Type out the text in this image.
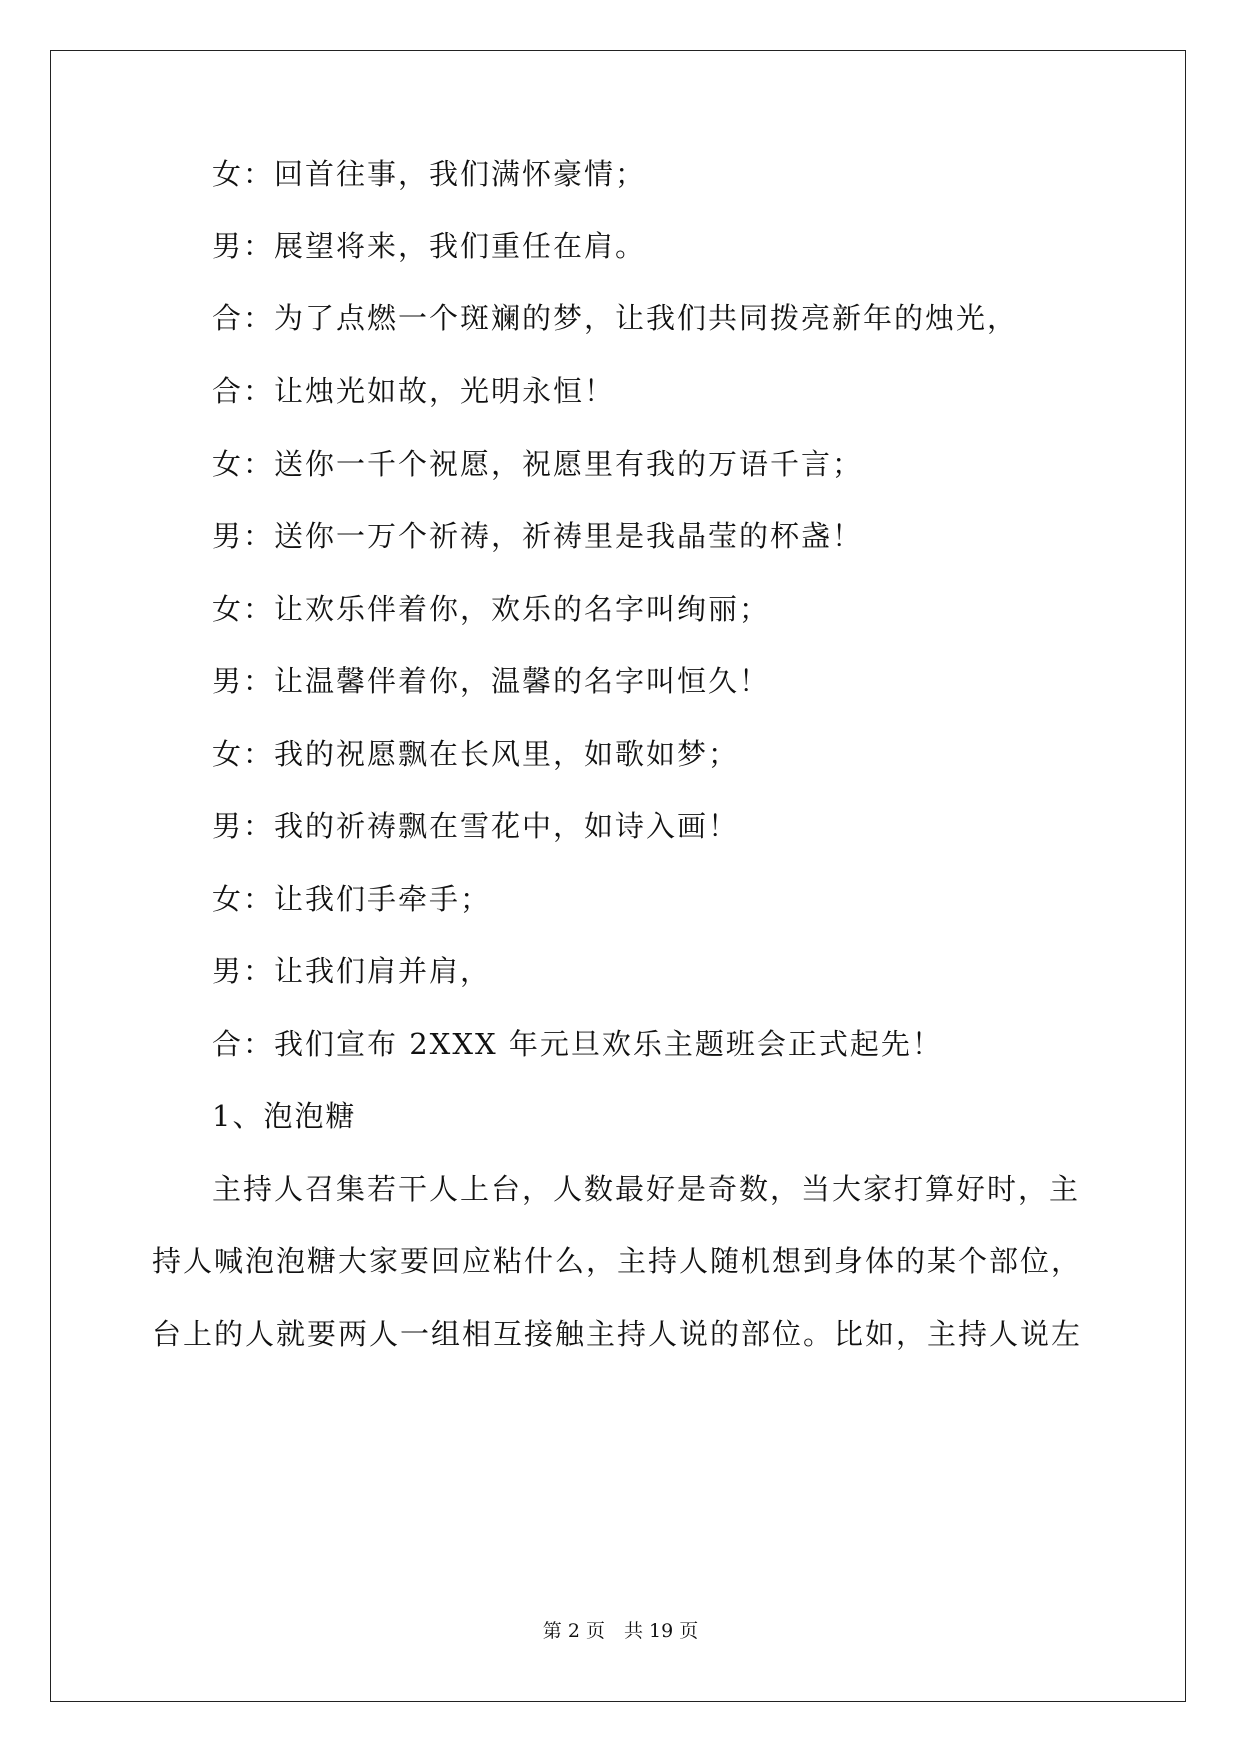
女：回首往事，我们满怀豪情；
男：展望将来，我们重任在肩。
合：为了点燃一个斑斓的梦，让我们共同拨亮新年的烛光，
合：让烛光如故，光明永恒！
女：送你一千个祝愿，祝愿里有我的万语千言；
男：送你一万个祈祷，祈祷里是我晶莹的杯盏！
女：让欢乐伴着你，欢乐的名字叫绚丽；
男：让温馨伴着你，温馨的名字叫恒久！
女：我的祝愿飘在长风里，如歌如梦；
男：我的祈祷飘在雪花中，如诗入画！
女：让我们手牵手；
男：让我们肩并肩，
合：我们宣布 2XXX 年元旦欢乐主题班会正式起先！
1、泡泡糖
主持人召集若干人上台，人数最好是奇数，当大家打算好时，主
持人喊泡泡糖大家要回应粘什么，主持人随机想到身体的某个部位，
台上的人就要两人一组相互接触主持人说的部位。比如，主持人说左
第 2 页　共 19 页
